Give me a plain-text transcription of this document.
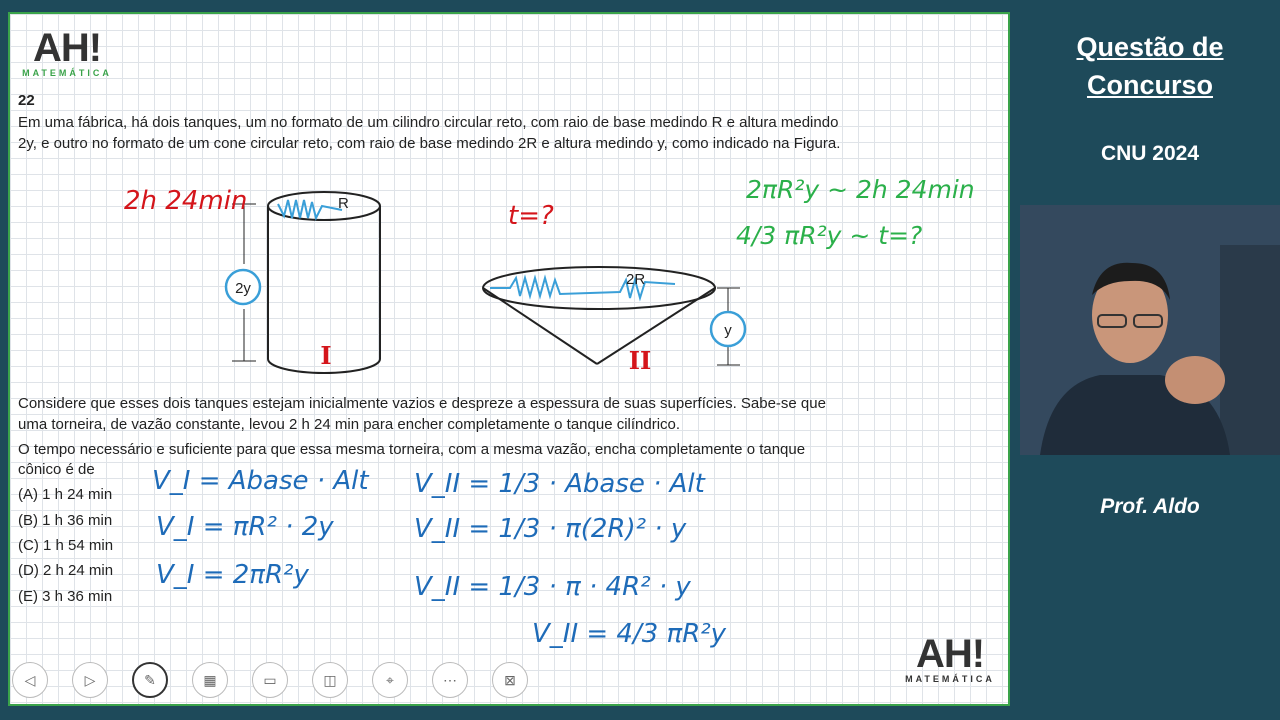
AH!
MATEMÁTICA
22
Em uma fábrica, há dois tanques, um no formato de um cilindro circular reto, com raio de base medindo R e altura medindo
2y, e outro no formato de um cone circular reto, com raio de base medindo 2R e altura medindo y, como indicado na Figura.
R
2y
I
2R
y
II
2h 24min	t=?
2πR²y ~ 2h 24min
4/3 πR²y ~ t=?
Considere que esses dois tanques estejam inicialmente vazios e despreze a espessura de suas superfícies. Sabe-se que
uma torneira, de vazão constante, levou 2 h 24 min para encher completamente o tanque cilíndrico.
O tempo necessário e suficiente para que essa mesma torneira, com a mesma vazão, encha completamente o tanque
cônico é de
(A) 1 h 24 min
(B) 1 h 36 min
(C) 1 h 54 min
(D) 2 h 24 min
(E) 3 h 36 min
V_I = Abase · Alt
V_I = πR² · 2y
V_I = 2πR²y
V_II = 1/3 · Abase · Alt
V_II = 1/3 · π(2R)² · y
V_II = 1/3 · π · 4R² · y
V_II = 4/3 πR²y	AH!
MATEMÁTICA
◁	▷	✎	▦	▭	◫	⌖	⋯	⊠
Questão de
Concurso
CNU 2024
Prof. Aldo
